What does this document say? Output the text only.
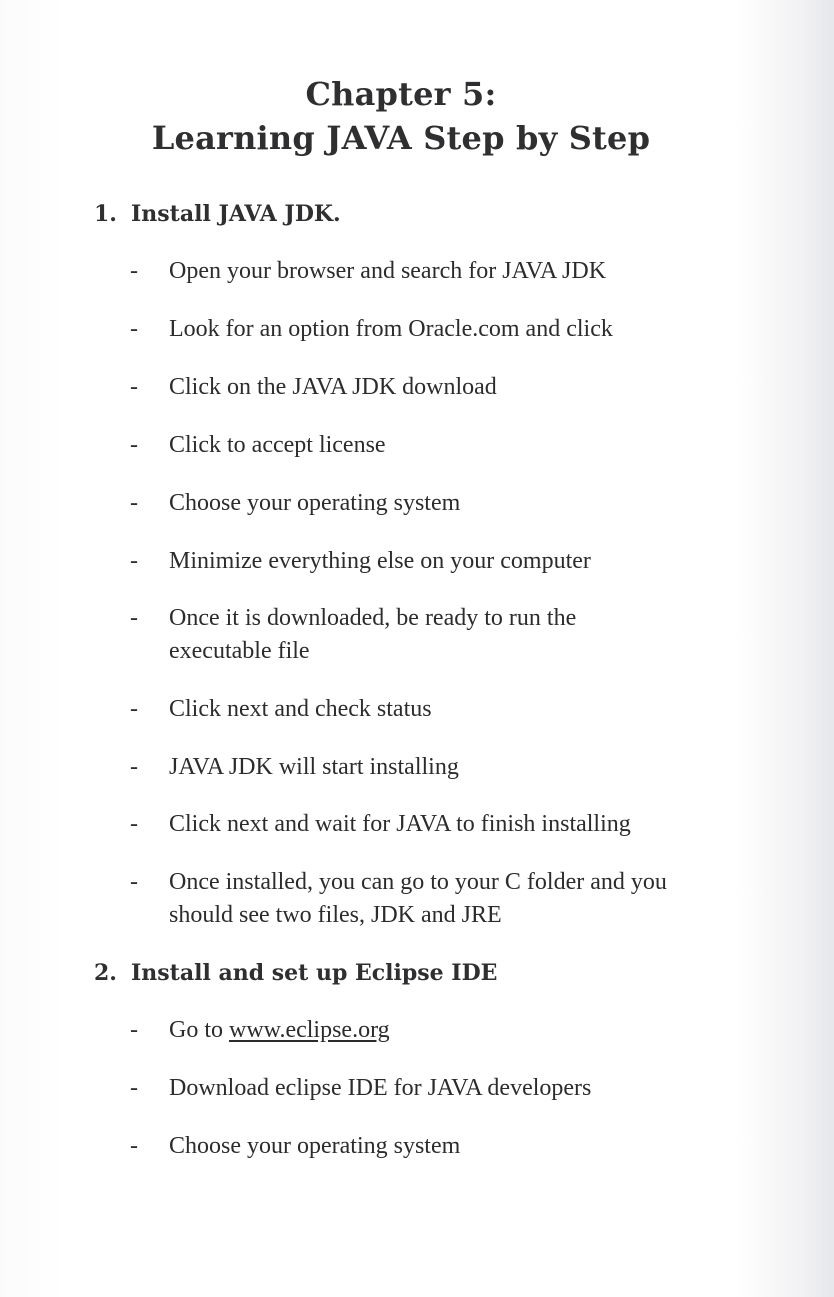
Chapter 5:
Learning JAVA Step by Step
1. Install JAVA JDK.
- Open your browser and search for JAVA JDK
- Look for an option from Oracle.com and click
- Click on the JAVA JDK download
- Click to accept license
- Choose your operating system
- Minimize everything else on your computer
- Once it is downloaded, be ready to run the
executable file
- Click next and check status
- JAVA JDK will start installing
- Click next and wait for JAVA to finish installing
- Once installed, you can go to your C folder and you
should see two files, JDK and JRE
2. Install and set up Eclipse IDE
- Go to www.eclipse.org
- Download eclipse IDE for JAVA developers
- Choose your operating system
